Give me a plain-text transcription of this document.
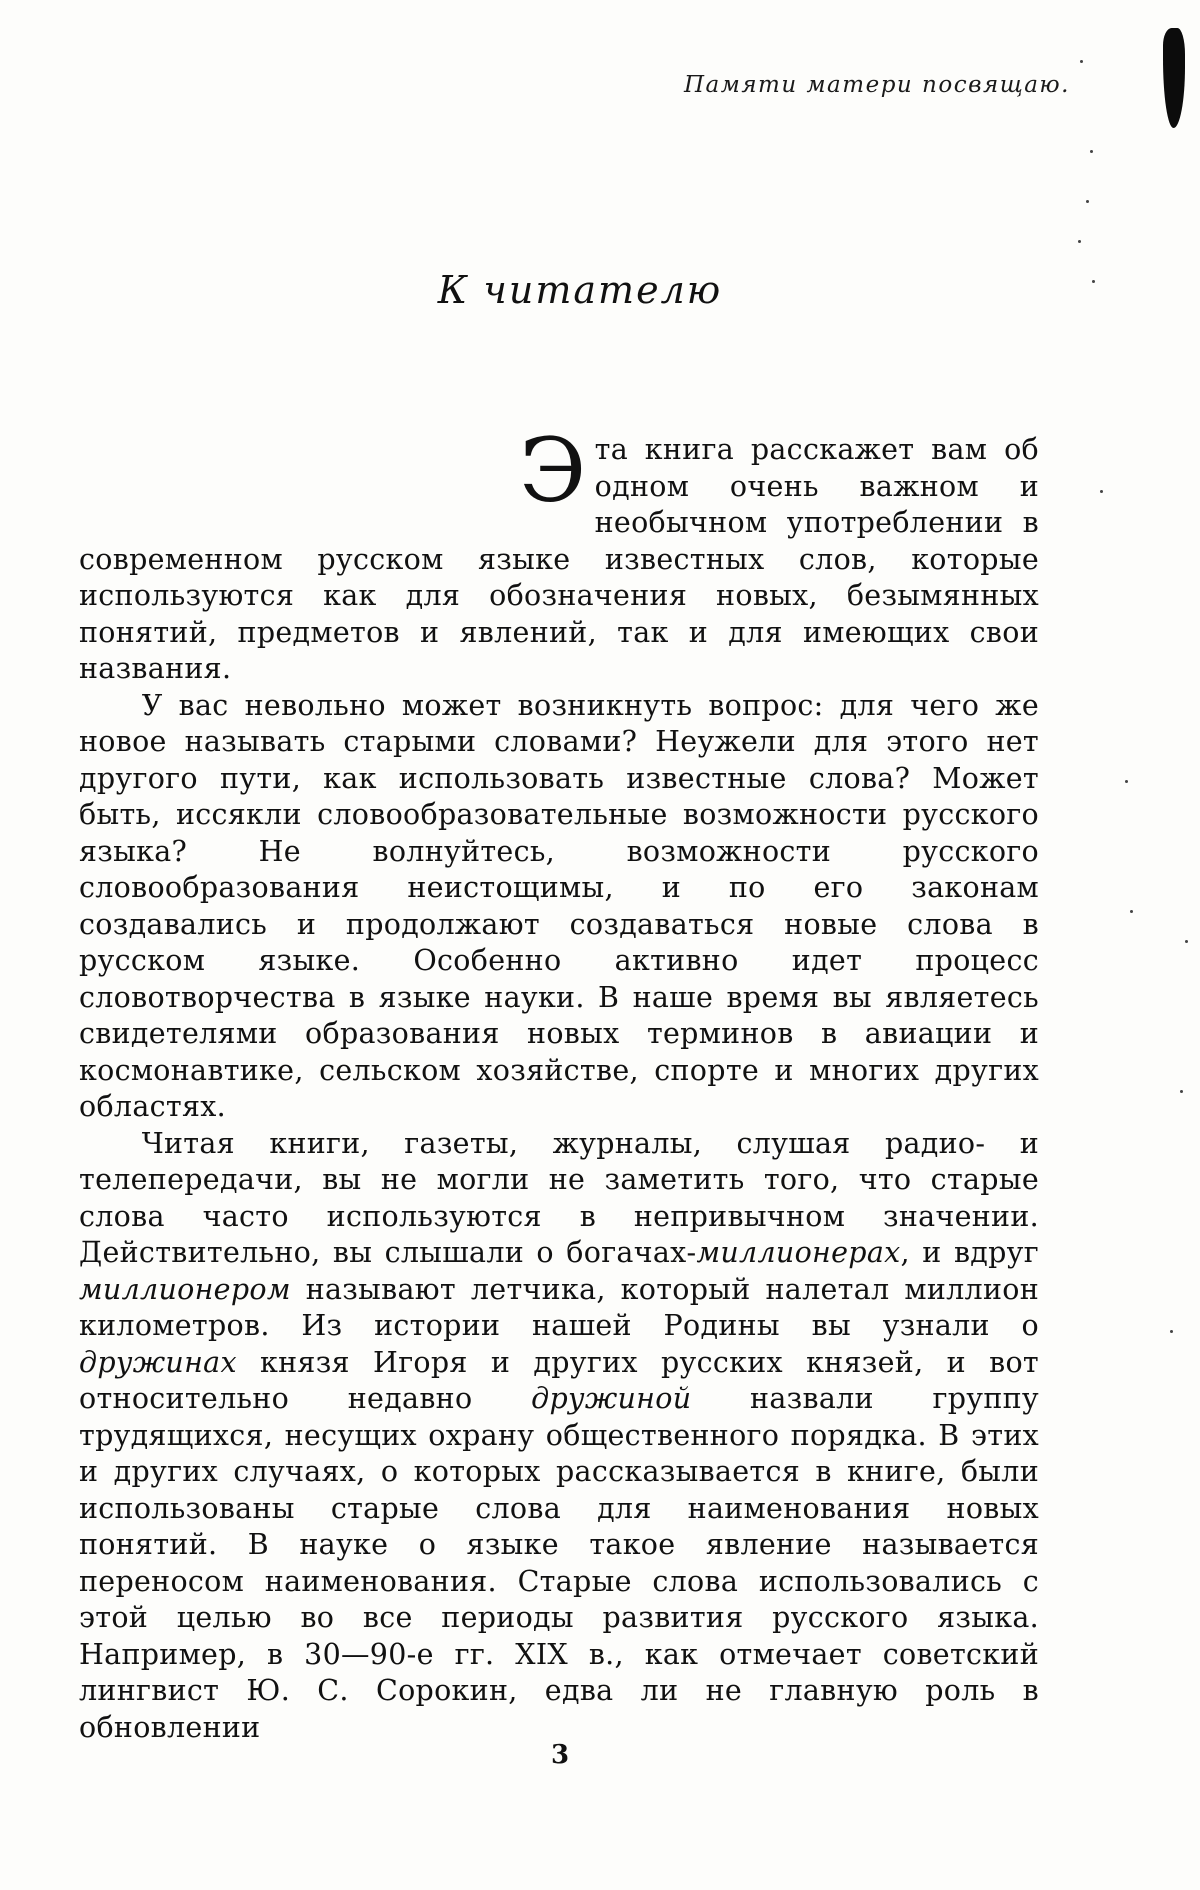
Памяти матери посвящаю.
К читателю

Эта книга расскажет вам об одном очень важном и необычном употреблении в современном русском языке известных слов, которые используются как для обозначения новых, безымянных понятий, предметов и явлений, так и для имеющих свои названия.

У вас невольно может возникнуть вопрос: для чего же новое называть старыми словами? Неужели для этого нет другого пути, как использовать известные слова? Может быть, иссякли словообразовательные возможности русского языка? Не волнуйтесь, возможности русского словообразования неистощимы, и по его законам создавались и продолжают создаваться новые слова в русском языке. Особенно активно идет процесс словотворчества в языке науки. В наше время вы являетесь свидетелями образования новых терминов в авиации и космонавтике, сельском хозяйстве, спорте и многих других областях.

Читая книги, газеты, журналы, слушая радио- и телепередачи, вы не могли не заметить того, что старые слова часто используются в непривычном значении. Действительно, вы слышали о богачах-миллионерах, и вдруг миллионером называют летчика, который налетал миллион километров. Из истории нашей Родины вы узнали о дружинах князя Игоря и других русских князей, и вот относительно недавно дружиной назвали группу трудящихся, несущих охрану общественного порядка. В этих и других случаях, о которых рассказывается в книге, были использованы старые слова для наименования новых понятий. В науке о языке такое явление называется переносом наименования. Старые слова использовались с этой целью во все периоды развития русского языка. Например, в 30—90-е гг. XIX в., как отмечает советский лингвист Ю. С. Сорокин, едва ли не главную роль в обновлении

3
